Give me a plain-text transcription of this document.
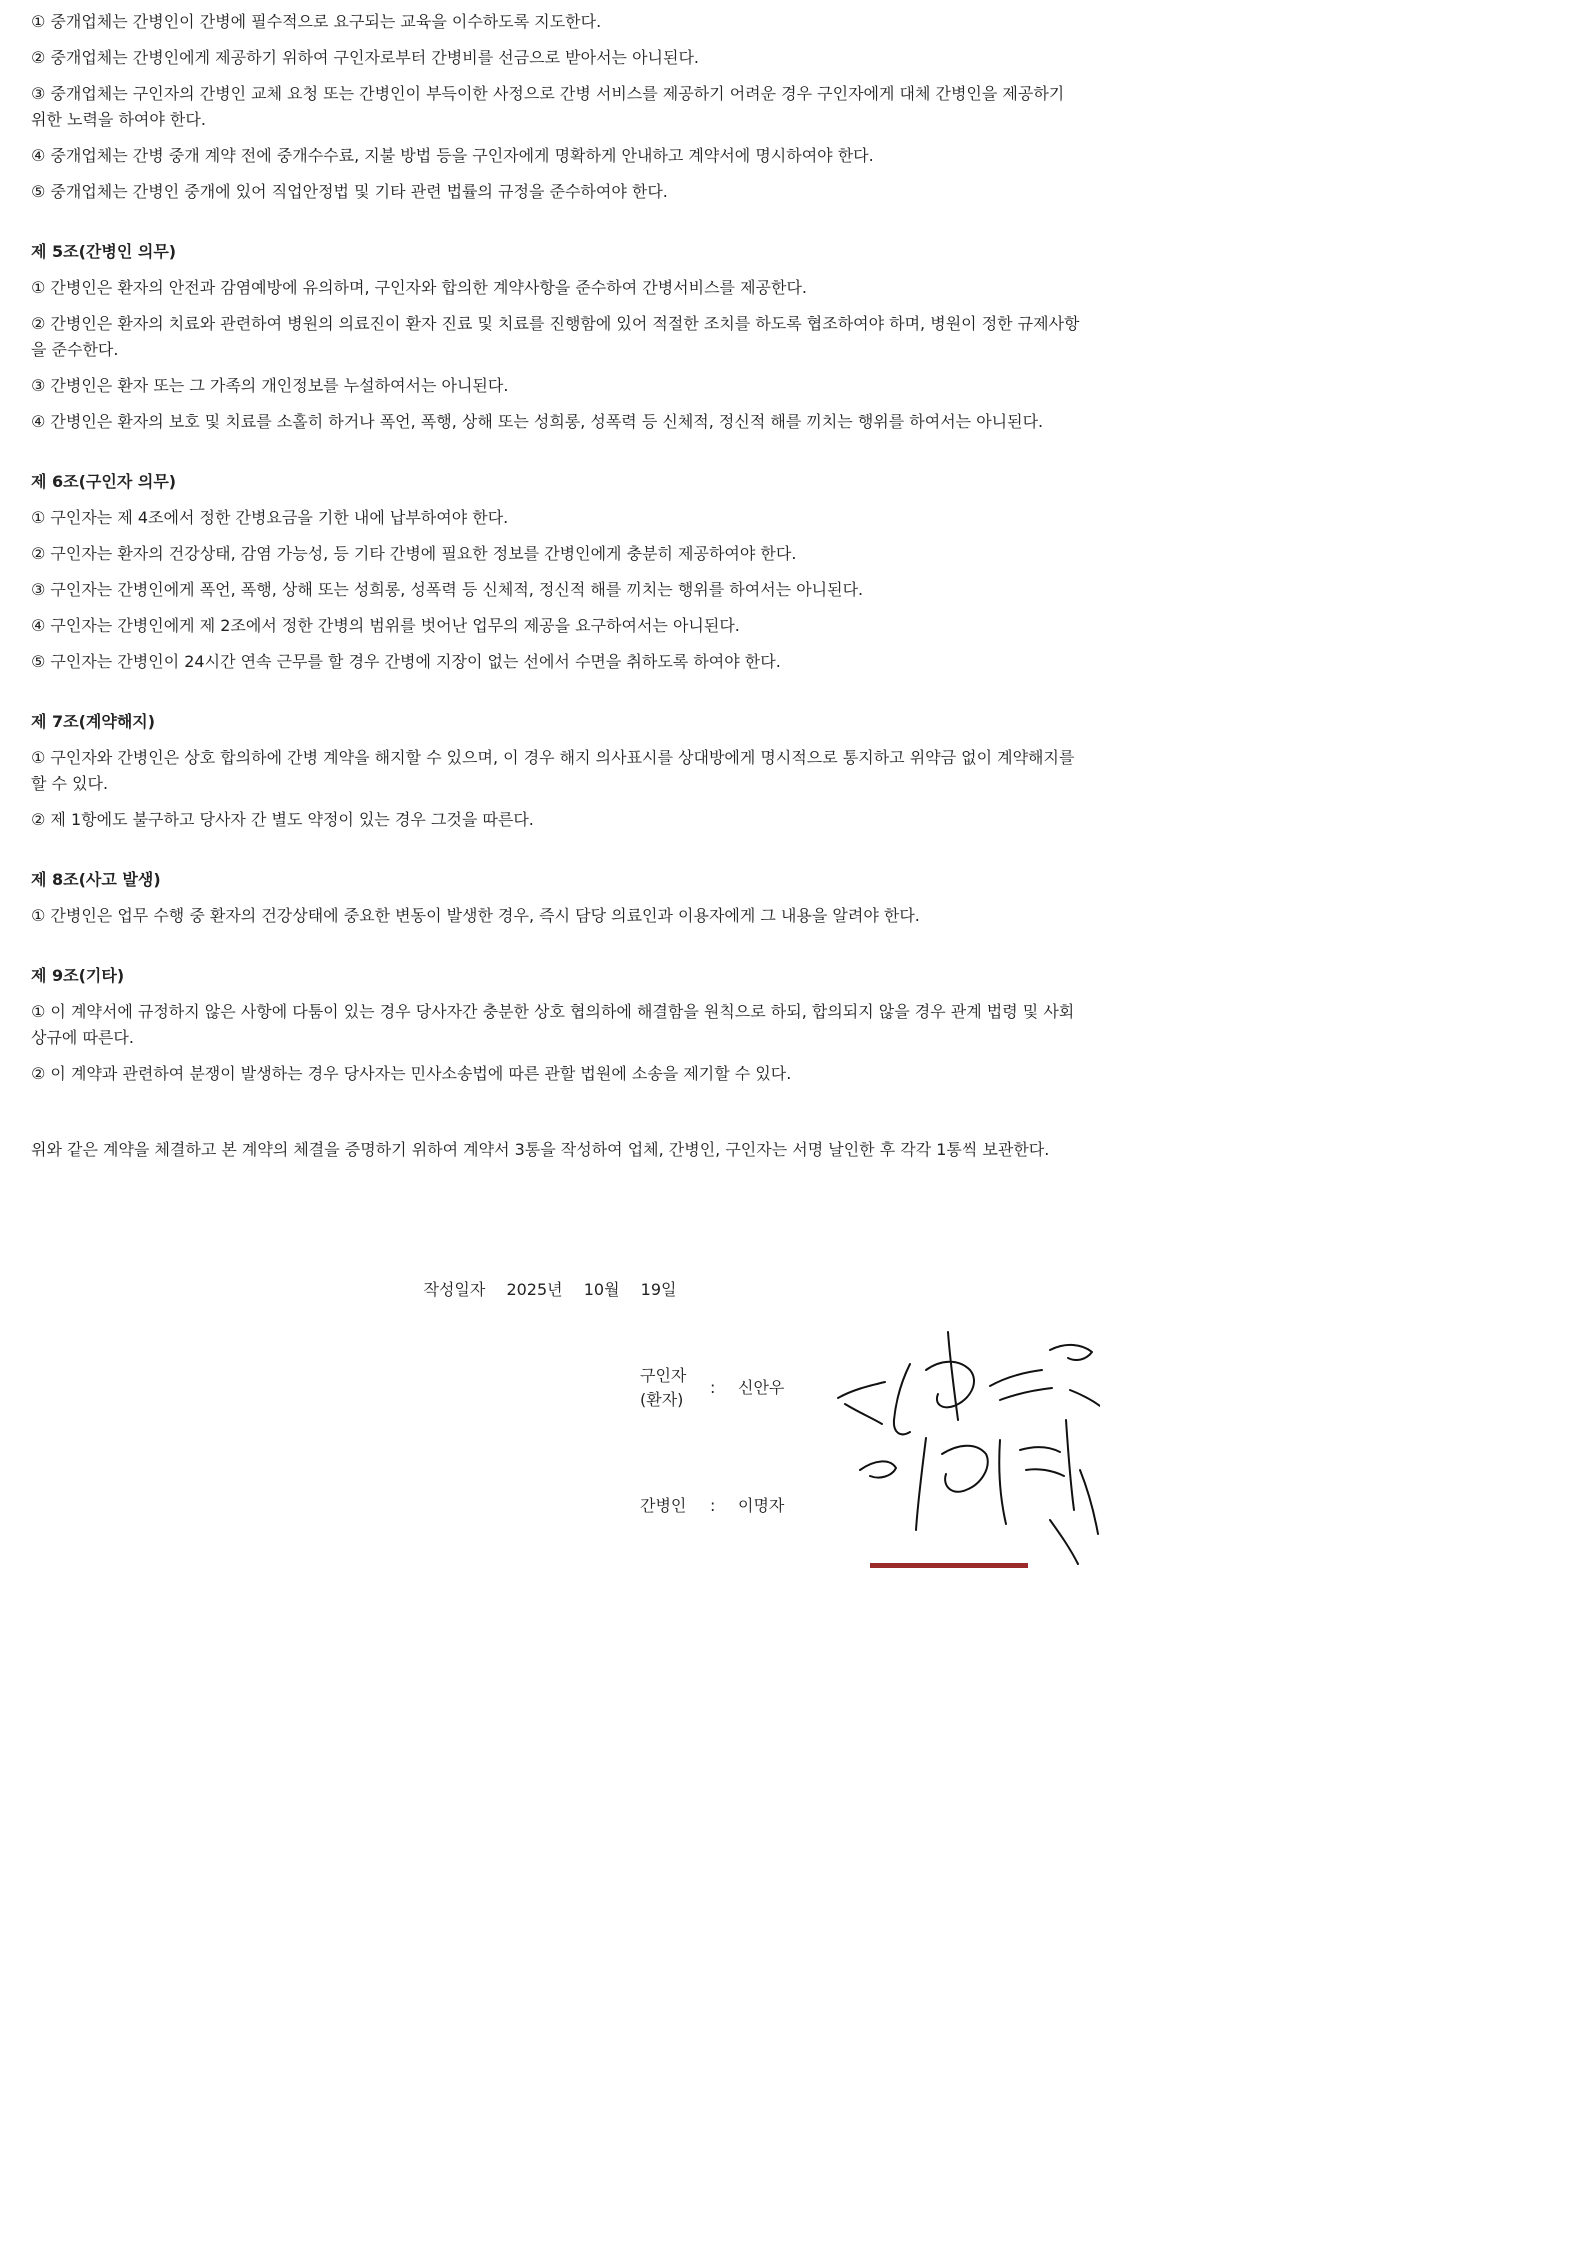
① 중개업체는 간병인이 간병에 필수적으로 요구되는 교육을 이수하도록 지도한다.

② 중개업체는 간병인에게 제공하기 위하여 구인자로부터 간병비를 선금으로 받아서는 아니된다.

③ 중개업체는 구인자의 간병인 교체 요청 또는 간병인이 부득이한 사정으로 간병 서비스를 제공하기 어려운 경우 구인자에게 대체 간병인을 제공하기 위한 노력을 하여야 한다.

④ 중개업체는 간병 중개 계약 전에 중개수수료, 지불 방법 등을 구인자에게 명확하게 안내하고 계약서에 명시하여야 한다.

⑤ 중개업체는 간병인 중개에 있어 직업안정법 및 기타 관련 법률의 규정을 준수하여야 한다.

제 5조(간병인 의무)

① 간병인은 환자의 안전과 감염예방에 유의하며, 구인자와 합의한 계약사항을 준수하여 간병서비스를 제공한다.

② 간병인은 환자의 치료와 관련하여 병원의 의료진이 환자 진료 및 치료를 진행함에 있어 적절한 조치를 하도록 협조하여야 하며, 병원이 정한 규제사항을 준수한다.

③ 간병인은 환자 또는 그 가족의 개인정보를 누설하여서는 아니된다.

④ 간병인은 환자의 보호 및 치료를 소홀히 하거나 폭언, 폭행, 상해 또는 성희롱, 성폭력 등 신체적, 정신적 해를 끼치는 행위를 하여서는 아니된다.

제 6조(구인자 의무)

① 구인자는 제 4조에서 정한 간병요금을 기한 내에 납부하여야 한다.

② 구인자는 환자의 건강상태, 감염 가능성, 등 기타 간병에 필요한 정보를 간병인에게 충분히 제공하여야 한다.

③ 구인자는 간병인에게 폭언, 폭행, 상해 또는 성희롱, 성폭력 등 신체적, 정신적 해를 끼치는 행위를 하여서는 아니된다.

④ 구인자는 간병인에게 제 2조에서 정한 간병의 범위를 벗어난 업무의 제공을 요구하여서는 아니된다.

⑤ 구인자는 간병인이 24시간 연속 근무를 할 경우 간병에 지장이 없는 선에서 수면을 취하도록 하여야 한다.

제 7조(계약해지)

① 구인자와 간병인은 상호 합의하에 간병 계약을 해지할 수 있으며, 이 경우 해지 의사표시를 상대방에게 명시적으로 통지하고 위약금 없이 계약해지를 할 수 있다.

② 제 1항에도 불구하고 당사자 간 별도 약정이 있는 경우 그것을 따른다.

제 8조(사고 발생)

① 간병인은 업무 수행 중 환자의 건강상태에 중요한 변동이 발생한 경우, 즉시 담당 의료인과 이용자에게 그 내용을 알려야 한다.

제 9조(기타)

① 이 계약서에 규정하지 않은 사항에 다툼이 있는 경우 당사자간 충분한 상호 협의하에 해결함을 원칙으로 하되, 합의되지 않을 경우 관계 법령 및 사회상규에 따른다.

② 이 계약과 관련하여 분쟁이 발생하는 경우 당사자는 민사소송법에 따른 관할 법원에 소송을 제기할 수 있다.

위와 같은 계약을 체결하고 본 계약의 체결을 증명하기 위하여 계약서 3통을 작성하여 업체, 간병인, 구인자는 서명 날인한 후 각각 1통씩 보관한다.

작성일자 2025년 10월 19일
구인자
(환자)
: 신안우
간병인	: 이명자
